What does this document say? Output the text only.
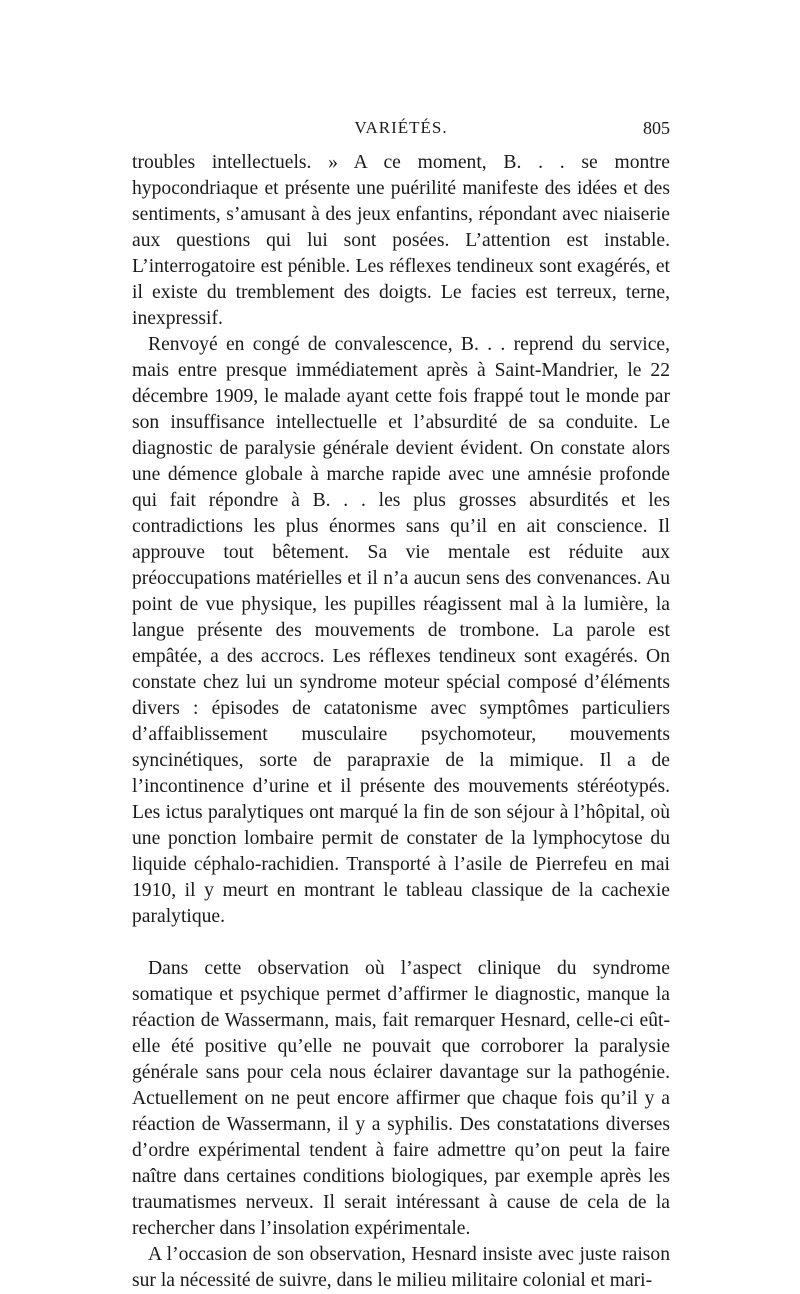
VARIÉTÉS.	805

troubles intellectuels. » A ce moment, B. . . se montre hypocondriaque et présente une puérilité manifeste des idées et des sentiments, s’amusant à des jeux enfantins, répondant avec niaiserie aux questions qui lui sont posées. L’attention est instable. L’interrogatoire est pénible. Les réflexes tendineux sont exagérés, et il existe du tremblement des doigts. Le facies est terreux, terne, inexpressif.

Renvoyé en congé de convalescence, B. . . reprend du service, mais entre presque immédiatement après à Saint-Mandrier, le 22 décembre 1909, le malade ayant cette fois frappé tout le monde par son insuffisance intellectuelle et l’absurdité de sa conduite. Le diagnostic de paralysie générale devient évident. On constate alors une démence globale à marche rapide avec une amnésie profonde qui fait répondre à B. . . les plus grosses absurdités et les contradictions les plus énormes sans qu’il en ait conscience. Il approuve tout bêtement. Sa vie mentale est réduite aux préoccupations matérielles et il n’a aucun sens des convenances. Au point de vue physique, les pupilles réagissent mal à la lumière, la langue présente des mouvements de trombone. La parole est empâtée, a des accrocs. Les réflexes tendineux sont exagérés. On constate chez lui un syndrome moteur spécial composé d’éléments divers : épisodes de catatonisme avec symptômes particuliers d’affaiblissement musculaire psychomoteur, mouvements syncinétiques, sorte de parapraxie de la mimique. Il a de l’incontinence d’urine et il présente des mouvements stéréotypés. Les ictus paralytiques ont marqué la fin de son séjour à l’hôpital, où une ponction lombaire permit de constater de la lymphocytose du liquide céphalo-rachidien. Transporté à l’asile de Pierrefeu en mai 1910, il y meurt en montrant le tableau classique de la cachexie paralytique.

Dans cette observation où l’aspect clinique du syndrome somatique et psychique permet d’affirmer le diagnostic, manque la réaction de Wassermann, mais, fait remarquer Hesnard, celle-ci eût-elle été positive qu’elle ne pouvait que corroborer la paralysie générale sans pour cela nous éclairer davantage sur la pathogénie. Actuellement on ne peut encore affirmer que chaque fois qu’il y a réaction de Wassermann, il y a syphilis. Des constatations diverses d’ordre expérimental tendent à faire admettre qu’on peut la faire naître dans certaines conditions biologiques, par exemple après les traumatismes nerveux. Il serait intéressant à cause de cela de la rechercher dans l’insolation expérimentale.

A l’occasion de son observation, Hesnard insiste avec juste raison sur la nécessité de suivre, dans le milieu militaire colonial et mari-
